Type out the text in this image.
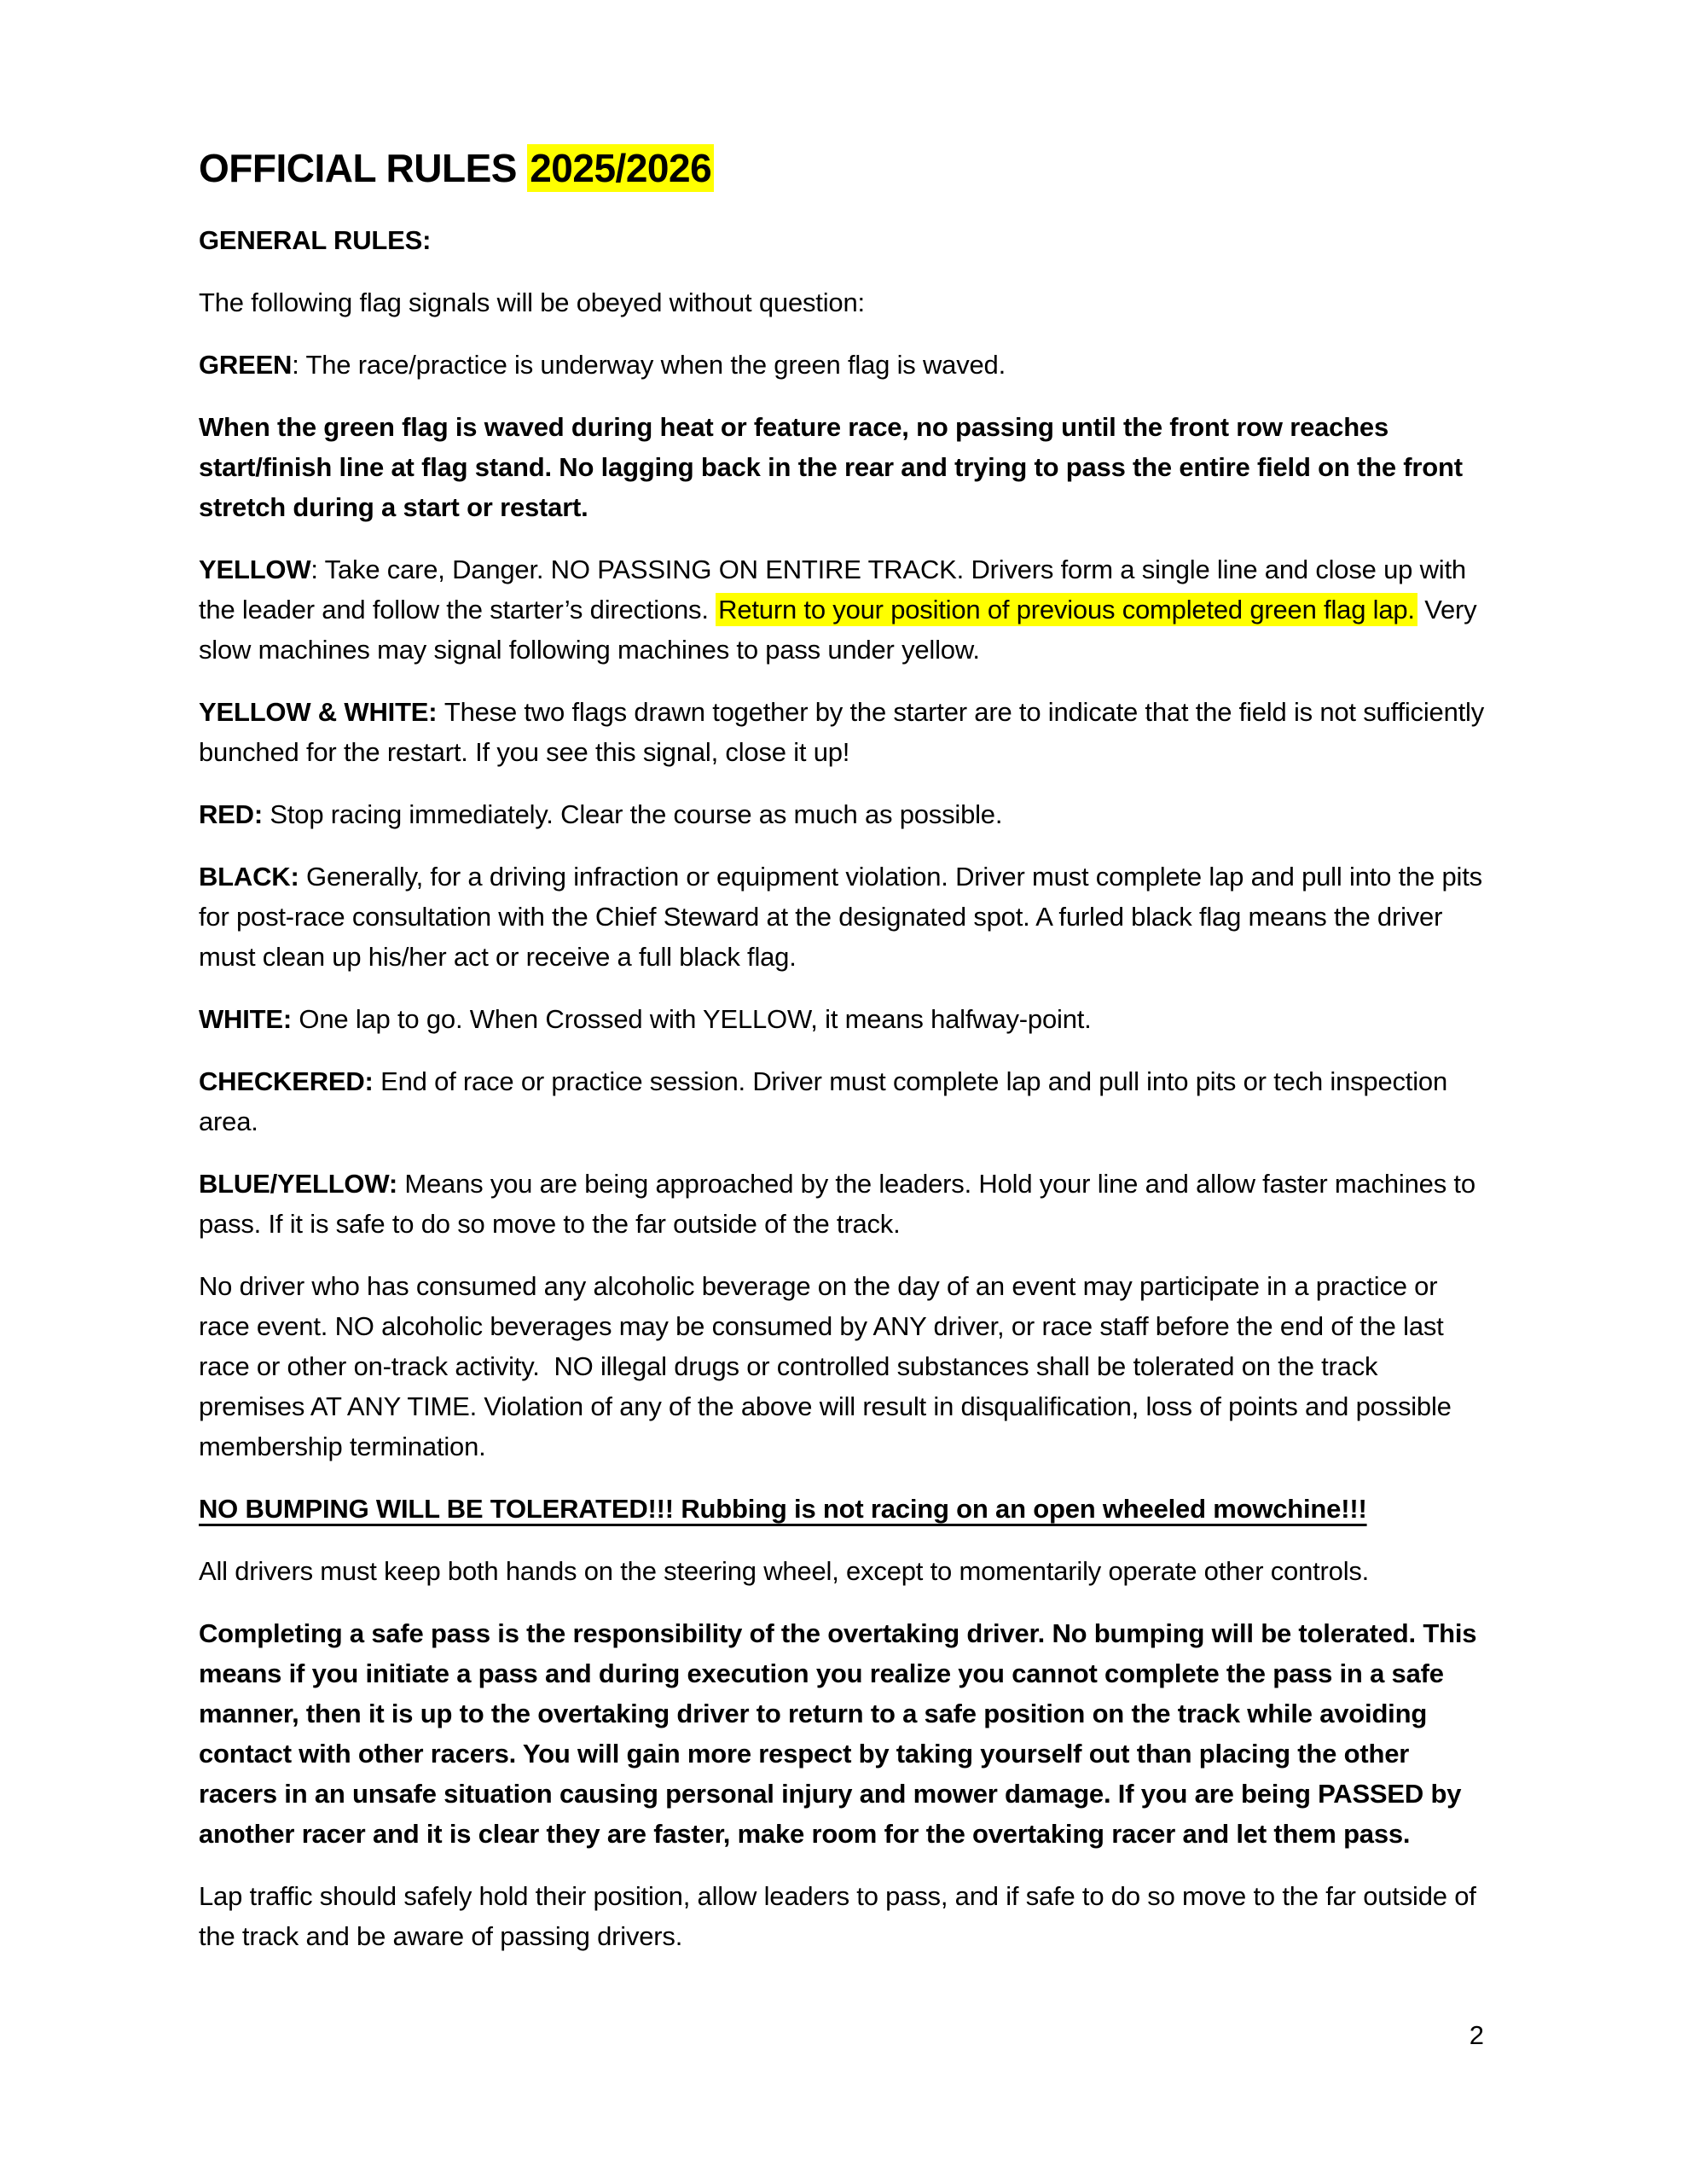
OFFICIAL RULES 2025/2026

GENERAL RULES:

The following flag signals will be obeyed without question:

GREEN: The race/practice is underway when the green flag is waved.

When the green flag is waved during heat or feature race, no passing until the front row reaches start/finish line at flag stand. No lagging back in the rear and trying to pass the entire field on the front stretch during a start or restart.

YELLOW: Take care, Danger. NO PASSING ON ENTIRE TRACK. Drivers form a single line and close up with the leader and follow the starter’s directions. Return to your position of previous completed green flag lap. Very slow machines may signal following machines to pass under yellow.

YELLOW & WHITE: These two flags drawn together by the starter are to indicate that the field is not sufficiently bunched for the restart. If you see this signal, close it up!

RED: Stop racing immediately. Clear the course as much as possible.

BLACK: Generally, for a driving infraction or equipment violation. Driver must complete lap and pull into the pits for post-race consultation with the Chief Steward at the designated spot. A furled black flag means the driver must clean up his/her act or receive a full black flag.

WHITE: One lap to go. When Crossed with YELLOW, it means halfway-point.

CHECKERED: End of race or practice session. Driver must complete lap and pull into pits or tech inspection area.

BLUE/YELLOW: Means you are being approached by the leaders. Hold your line and allow faster machines to pass. If it is safe to do so move to the far outside of the track.

No driver who has consumed any alcoholic beverage on the day of an event may participate in a practice or race event. NO alcoholic beverages may be consumed by ANY driver, or race staff before the end of the last race or other on-track activity.  NO illegal drugs or controlled substances shall be tolerated on the track premises AT ANY TIME. Violation of any of the above will result in disqualification, loss of points and possible membership termination.

NO BUMPING WILL BE TOLERATED!!! Rubbing is not racing on an open wheeled mowchine!!!

All drivers must keep both hands on the steering wheel, except to momentarily operate other controls.

Completing a safe pass is the responsibility of the overtaking driver. No bumping will be tolerated. This means if you initiate a pass and during execution you realize you cannot complete the pass in a safe manner, then it is up to the overtaking driver to return to a safe position on the track while avoiding contact with other racers. You will gain more respect by taking yourself out than placing the other racers in an unsafe situation causing personal injury and mower damage. If you are being PASSED by another racer and it is clear they are faster, make room for the overtaking racer and let them pass.

Lap traffic should safely hold their position, allow leaders to pass, and if safe to do so move to the far outside of the track and be aware of passing drivers.

2
